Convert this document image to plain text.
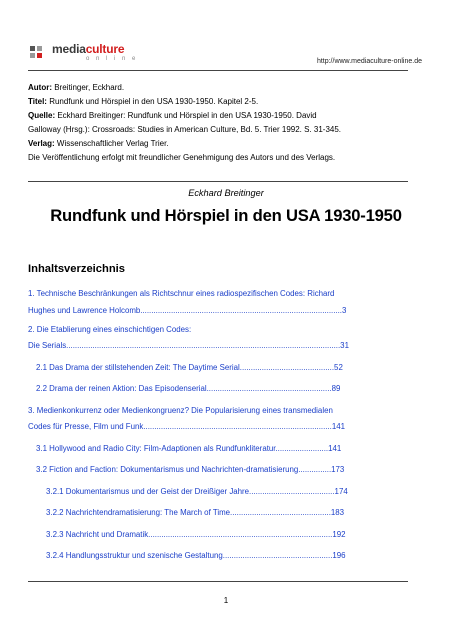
mediaculture
o n l i n e	http://www.mediaculture-online.de
Autor: Breitinger, Eckhard.
Titel: Rundfunk und Hörspiel in den USA 1930-1950. Kapitel 2-5.
Quelle: Eckhard Breitinger: Rundfunk und Hörspiel in den USA 1930-1950. David
Galloway (Hrsg.): Crossroads: Studies in American Culture, Bd. 5. Trier 1992. S. 31-345.
Verlag: Wissenschaftlicher Verlag Trier.
Die Veröffentlichung erfolgt mit freundlicher Genehmigung des Autors und des Verlags.
Eckhard Breitinger
Rundfunk und Hörspiel in den USA 1930-1950
Inhaltsverzeichnis
1. Technische Beschränkungen als Richtschnur eines radiospezifischen Codes: Richard
Hughes und Lawrence Holcomb............................................................................................3
2. Die Etablierung eines einschichtigen Codes:
Die Serials.............................................................................................................................31
2.1 Das Drama der stillstehenden Zeit: The Daytime Serial...........................................52
2.2 Drama der reinen Aktion: Das Episodenserial.........................................................89
3. Medienkonkurrenz oder Medienkongruenz? Die Popularisierung eines transmedialen
Codes für Presse, Film und Funk......................................................................................141
3.1 Hollywood and Radio City: Film-Adaptionen als Rundfunkliteratur........................141
3.2 Fiction and Faction: Dokumentarismus und Nachrichten-dramatisierung...............173
3.2.1 Dokumentarismus und der Geist der Dreißiger Jahre.......................................174
3.2.2 Nachrichtendramatisierung: The March of Time..............................................183
3.2.3 Nachricht und Dramatik....................................................................................192
3.2.4 Handlungsstruktur und szenische Gestaltung..................................................196
1
